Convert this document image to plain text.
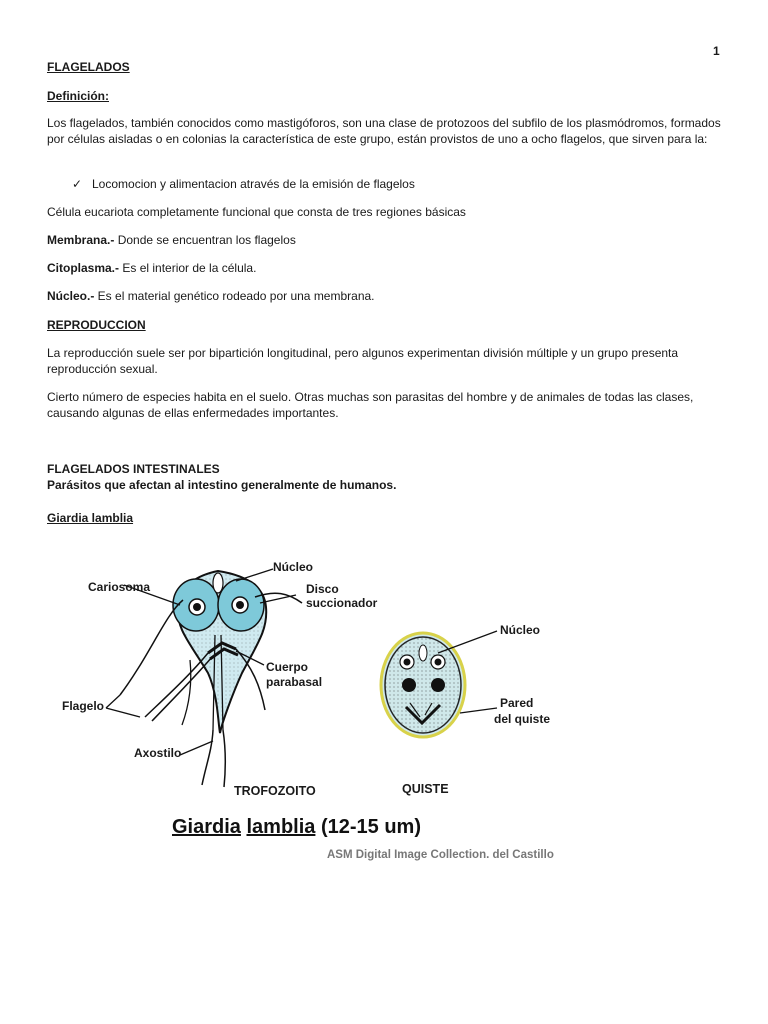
1

FLAGELADOS

Definición:

Los flagelados, también conocidos como mastigóforos, son una clase de protozoos del subfilo de los plasmódromos, formados por células aisladas o en colonias la característica de este grupo, están provistos de uno a ocho flagelos, que sirven para la:

✓ Locomocion y alimentacion através de la emisión de flagelos

Célula eucariota completamente funcional que consta de tres regiones básicas

Membrana.- Donde se encuentran los flagelos

Citoplasma.- Es el interior de la célula.

Núcleo.- Es el material genético rodeado por una membrana.

REPRODUCCION

La reproducción suele ser por bipartición longitudinal, pero algunos experimentan división múltiple y un grupo presenta reproducción sexual.

Cierto número de especies habita en el suelo. Otras muchas son parasitas del hombre y de animales de todas las clases, causando algunas de ellas enfermedades importantes.

FLAGELADOS INTESTINALES

Parásitos que afectan al intestino generalmente de humanos.

Giardia lamblia

Cariosoma
Núcleo
Disco
succionador
Cuerpo
parabasal
Flagelo
Axostilo
TROFOZOITO
Núcleo
Pared
del quiste
QUISTE
Giardia lamblia (12-15 um)
ASM Digital Image Collection. del Castillo
